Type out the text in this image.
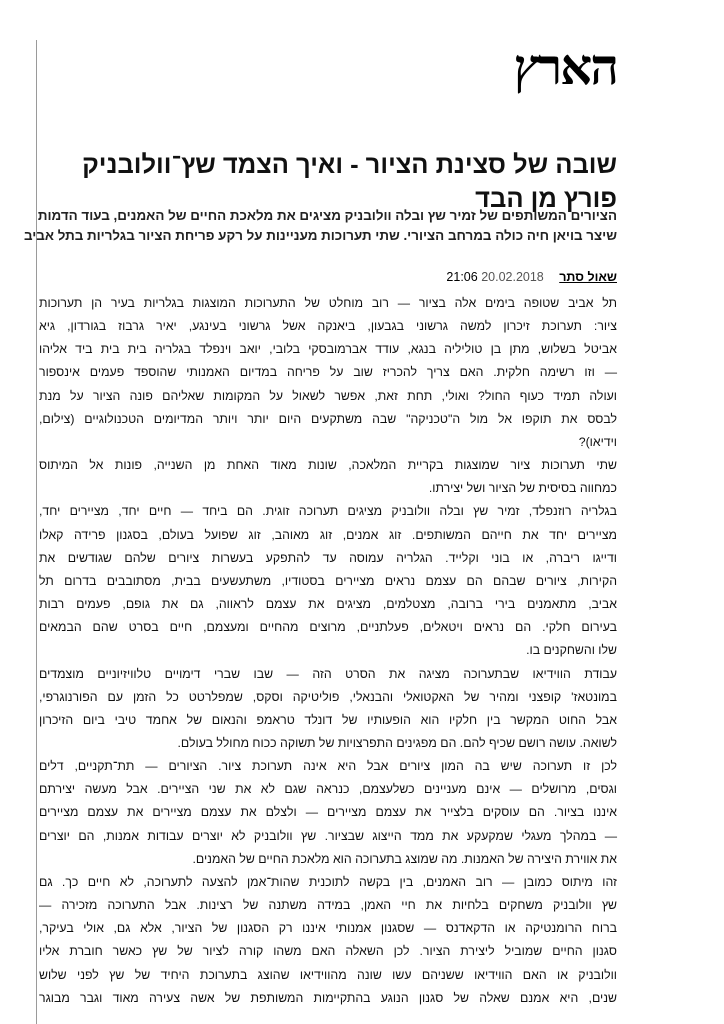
הארץ
שובה של סצינת הציור - ואיך הצמד שץ־וולובניק פורץ מן הבד

הציורים המשותפים של זמיר שץ ובלה וולובניק מציגים את מלאכת החיים של האמנים, בעוד הדמות שיצר בויאן חיה כולה במרחב הציורי. שתי תערוכות מעניינות על רקע פריחת הציור בגלריות בתל אביב

שאול סתר 20.02.2018 21:06
תל אביב שטופה בימים אלה בציור — רוב מוחלט של התערוכות המוצגות בגלריות בעיר הן תערוכות
ציור: תערוכת זיכרון למשה גרשוני בגבעון, ביאנקה אשל גרשוני בעינגע, יאיר גרבוז בגורדון, גיא
אביטל בשלוש, מתן בן טוליליה בנגא, עודד אברמובסקי בלובי, יואב וינפלד בגלריה בית בית ביד אליהו
— וזו רשימה חלקית. האם צריך להכריז שוב על פריחה במדיום האמנותי שהוספד פעמים אינספור
ועולה תמיד כעוף החול? ואולי, תחת זאת, אפשר לשאול על המקומות שאליהם פונה הציור על מנת
לבסס את תוקפו אל מול ה"טכניקה" שבה משתקעים היום יותר ויותר המדיומים הטכנולוגיים (צילום,
וידיאו)?
שתי תערוכות ציור שמוצגות בקריית המלאכה, שונות מאוד האחת מן השנייה, פונות אל המיתוס
כמחווה בסיסית של הציור ושל יצירתו.
בגלריה רוזנפלד, זמיר שץ ובלה וולובניק מציגים תערוכה זוגית. הם ביחד — חיים יחד, מציירים יחד,
מציירים יחד את חייהם המשותפים. זוג אמנים, זוג מאוהב, זוג שפועל בעולם, בסגנון פרידה קאלו
ודייגו ריברה, או בוני וקלייד. הגלריה עמוסה עד להתפקע בעשרות ציורים שלהם שגודשים את
הקירות, ציורים שבהם הם עצמם נראים מציירים בסטודיו, משתעשעים בבית, מסתובבים בדרום תל
אביב, מתאמנים בירי ברובה, מצטלמים, מציגים את עצמם לראווה, גם את גופם, פעמים רבות
בעירום חלקי. הם נראים ויטאלים, פעלתניים, מרוצים מהחיים ומעצמם, חיים בסרט שהם הבמאים
שלו והשחקנים בו.
עבודת הווידיאו שבתערוכה מציגה את הסרט הזה — שבו שברי דימויים טלוויזיוניים מוצמדים
במונטאז' קופצני ומהיר של האקטואלי והבנאלי, פוליטיקה וסקס, שמפלרטט כל הזמן עם הפורנוגרפי,
אבל החוט המקשר בין חלקיו הוא הופעותיו של דונלד טראמפ והנאום של אחמד טיבי ביום הזיכרון
לשואה. עושה רושם שכיף להם. הם מפגינים התפרצויות של תשוקה ככוח מחולל בעולם.
לכן זו תערוכה שיש בה המון ציורים אבל היא אינה תערוכת ציור. הציורים — תת־תקניים, דלים
וגסים, מרושלים — אינם מעניינים כשלעצמם, כנראה שגם לא את שני הציירים. אבל מעשה יצירתם
איננו בציור. הם עוסקים בלצייר את עצמם מציירים — ולצלם את עצמם מציירים את עצמם מציירים
— במהלך מעגלי שמקעקע את ממד הייצוג שבציור. שץ וולובניק לא יוצרים עבודות אמנות, הם יוצרים
את אווירת היצירה של האמנות. מה שמוצג בתערוכה הוא מלאכת החיים של האמנים.
זהו מיתוס כמובן — רוב האמנים, בין בקשה לתוכנית שהות־אמן להצעה לתערוכה, לא חיים כך. גם
שץ וולובניק משחקים בלחיות את חיי האמן, במידה משתנה של רצינות. אבל התערוכה מזכירה —
ברוח הרומנטיקה או הדקאדנס — שסגנון אמנותי איננו רק הסגנון של הציור, אלא גם, אולי בעיקר,
סגנון החיים שמוביל ליצירת הציור. לכן השאלה האם משהו קורה לציור של שץ כאשר חוברת אליו
וולובניק או האם הווידיאו ששניהם עשו שונה מהווידיאו שהוצג בתערוכת היחיד של שץ לפני שלוש
שנים, היא אמנם שאלה של סגנון הנוגע בהתקיימות המשותפת של אשה צעירה מאוד וגבר מבוגר
